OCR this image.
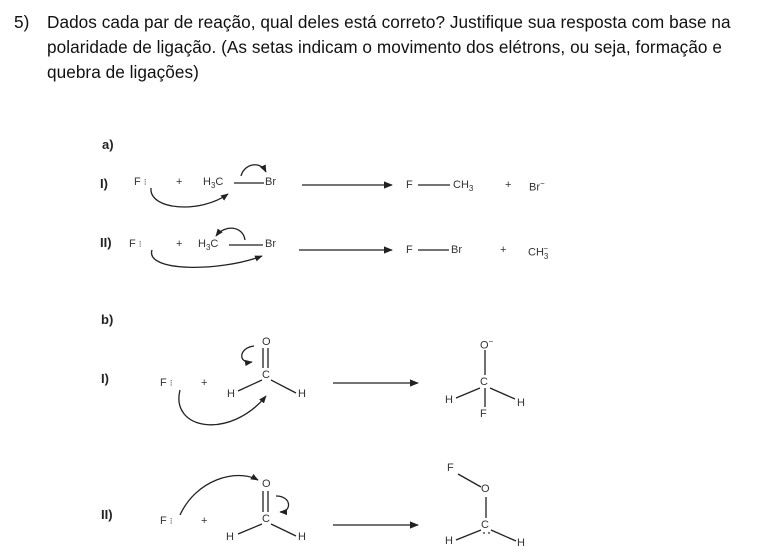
5) Dados cada par de reação, qual deles está correto? Justifique sua resposta com base na polaridade de ligação. (As setas indicam o movimento dos elétrons, ou seja, formação e quebra de ligações)
a)
I)
II)
b)
I)
II)
F ⁝	+ $H_3C$	Br	F	$CH_3$	+ Br−
F ⁝	+ $H_3C$	Br	F	Br	+ $CH_3^-$
F ⁝	+
H
C
O
H
O−
C
H	H
F
F ⁝	+
H
C
O
H
F
O
C
H	H
